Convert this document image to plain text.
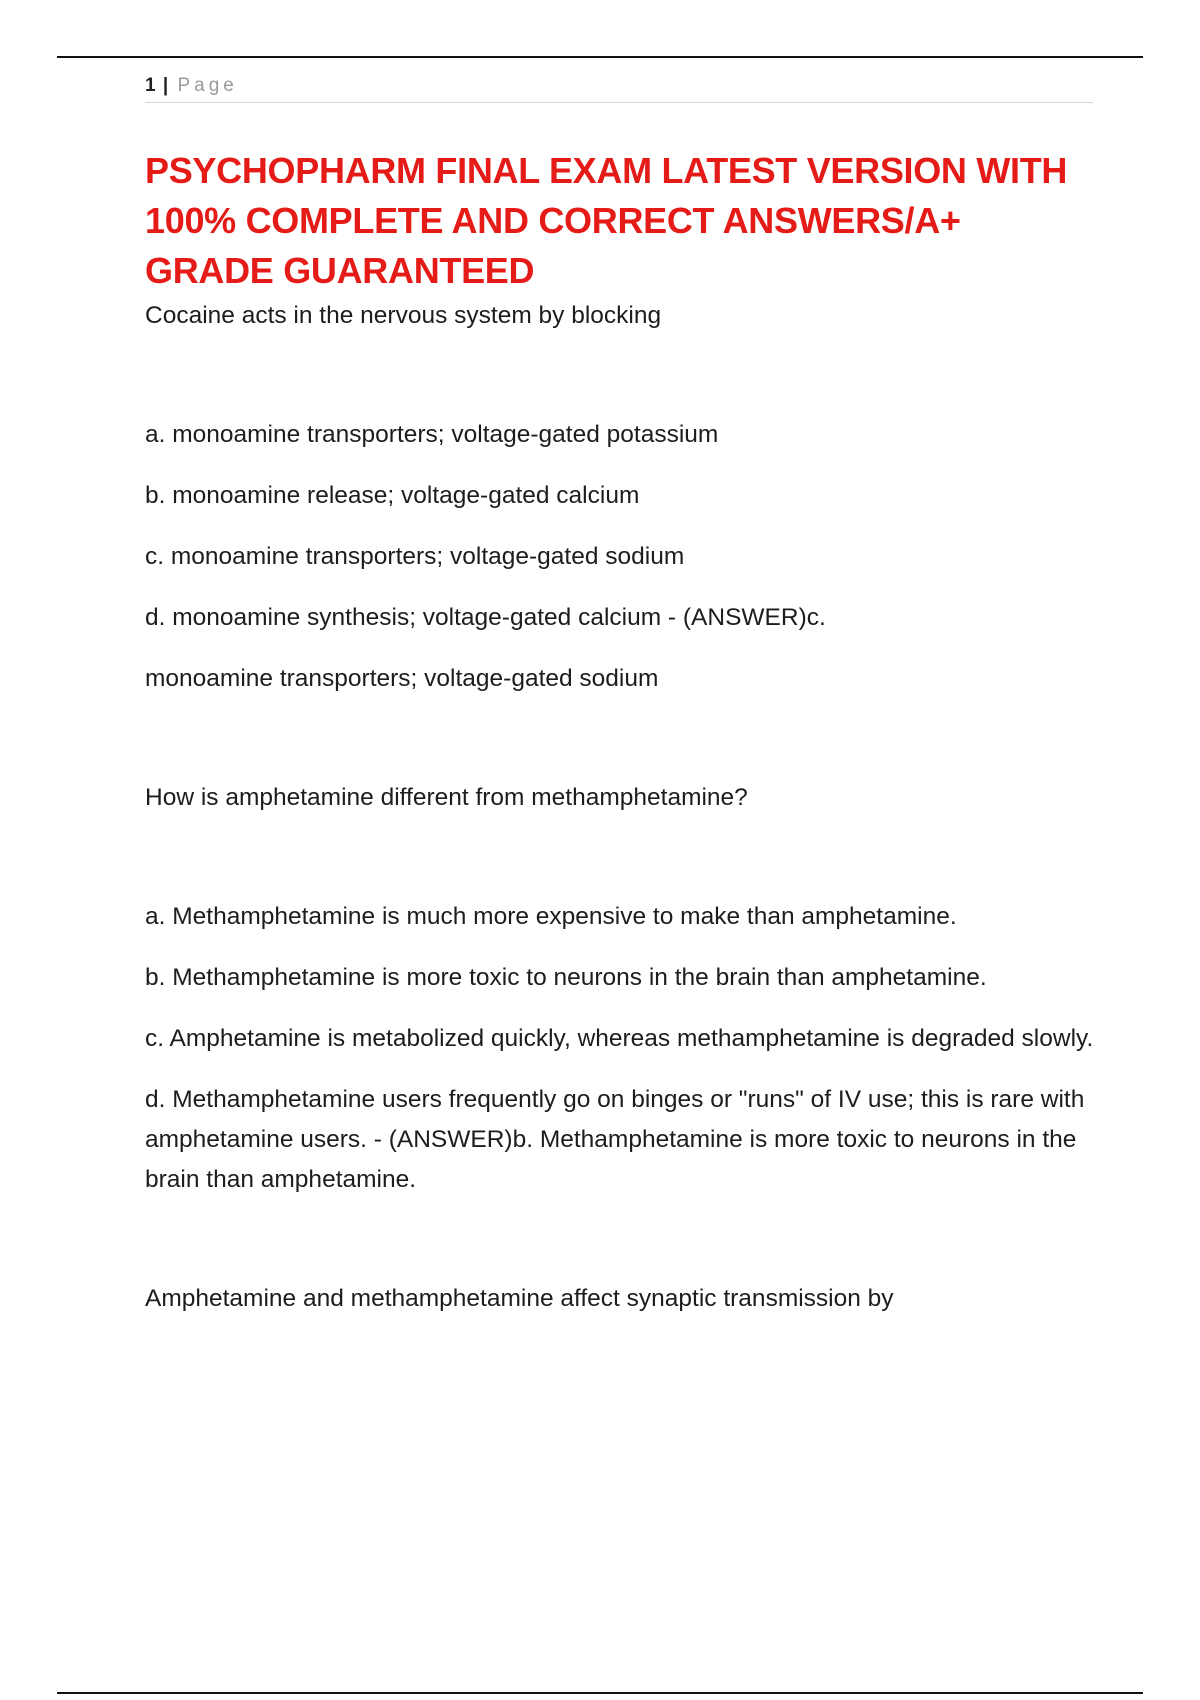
1 | Page
PSYCHOPHARM FINAL EXAM LATEST VERSION WITH 100% COMPLETE AND CORRECT ANSWERS/A+ GRADE GUARANTEED

Cocaine acts in the nervous system by blocking

a. monoamine transporters; voltage-gated potassium

b. monoamine release; voltage-gated calcium

c. monoamine transporters; voltage-gated sodium

d. monoamine synthesis; voltage-gated calcium - (ANSWER)c.

monoamine transporters; voltage-gated sodium

How is amphetamine different from methamphetamine?

a. Methamphetamine is much more expensive to make than amphetamine.

b. Methamphetamine is more toxic to neurons in the brain than amphetamine.

c. Amphetamine is metabolized quickly, whereas methamphetamine is degraded slowly.

d. Methamphetamine users frequently go on binges or "runs" of IV use; this is rare with amphetamine users. - (ANSWER)b. Methamphetamine is more toxic to neurons in the brain than amphetamine.

Amphetamine and methamphetamine affect synaptic transmission by
